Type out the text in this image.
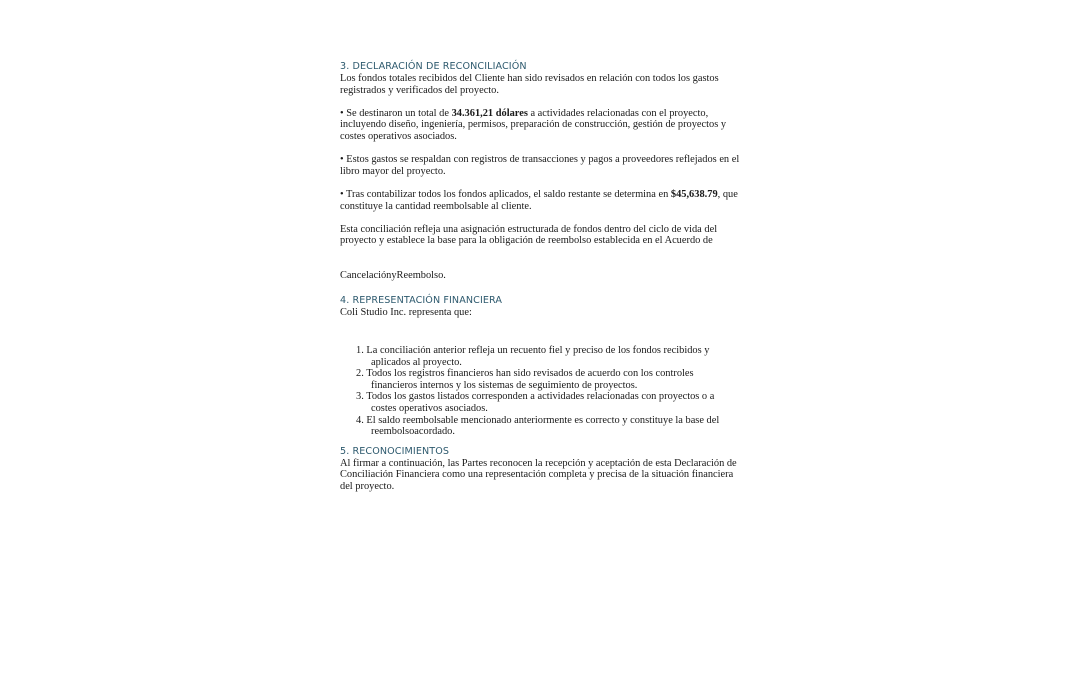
3. DECLARACIÓN DE RECONCILIACIÓN

Los fondos totales recibidos del Cliente han sido revisados en relación con todos los gastos registrados y verificados del proyecto.

• Se destinaron un total de 34.361,21 dólares a actividades relacionadas con el proyecto, incluyendo diseño, ingeniería, permisos, preparación de construcción, gestión de proyectos y costes operativos asociados.

• Estos gastos se respaldan con registros de transacciones y pagos a proveedores reflejados en el libro mayor del proyecto.

• Tras contabilizar todos los fondos aplicados, el saldo restante se determina en $45,638.79, que constituye la cantidad reembolsable al cliente.

Esta conciliación refleja una asignación estructurada de fondos dentro del ciclo de vida del proyecto y establece la base para la obligación de reembolso establecida en el Acuerdo de

CancelaciónyReembolso.

4. REPRESENTACIÓN FINANCIERA

Coli Studio Inc. representa que:

1. La conciliación anterior refleja un recuento fiel y preciso de los fondos recibidos y
aplicados al proyecto.
2. Todos los registros financieros han sido revisados de acuerdo con los controles
financieros internos y los sistemas de seguimiento de proyectos.
3. Todos los gastos listados corresponden a actividades relacionadas con proyectos o a
costes operativos asociados.
4. El saldo reembolsable mencionado anteriormente es correcto y constituye la base del
reembolsoacordado.
5. RECONOCIMIENTOS

Al firmar a continuación, las Partes reconocen la recepción y aceptación de esta Declaración de Conciliación Financiera como una representación completa y precisa de la situación financiera del proyecto.
